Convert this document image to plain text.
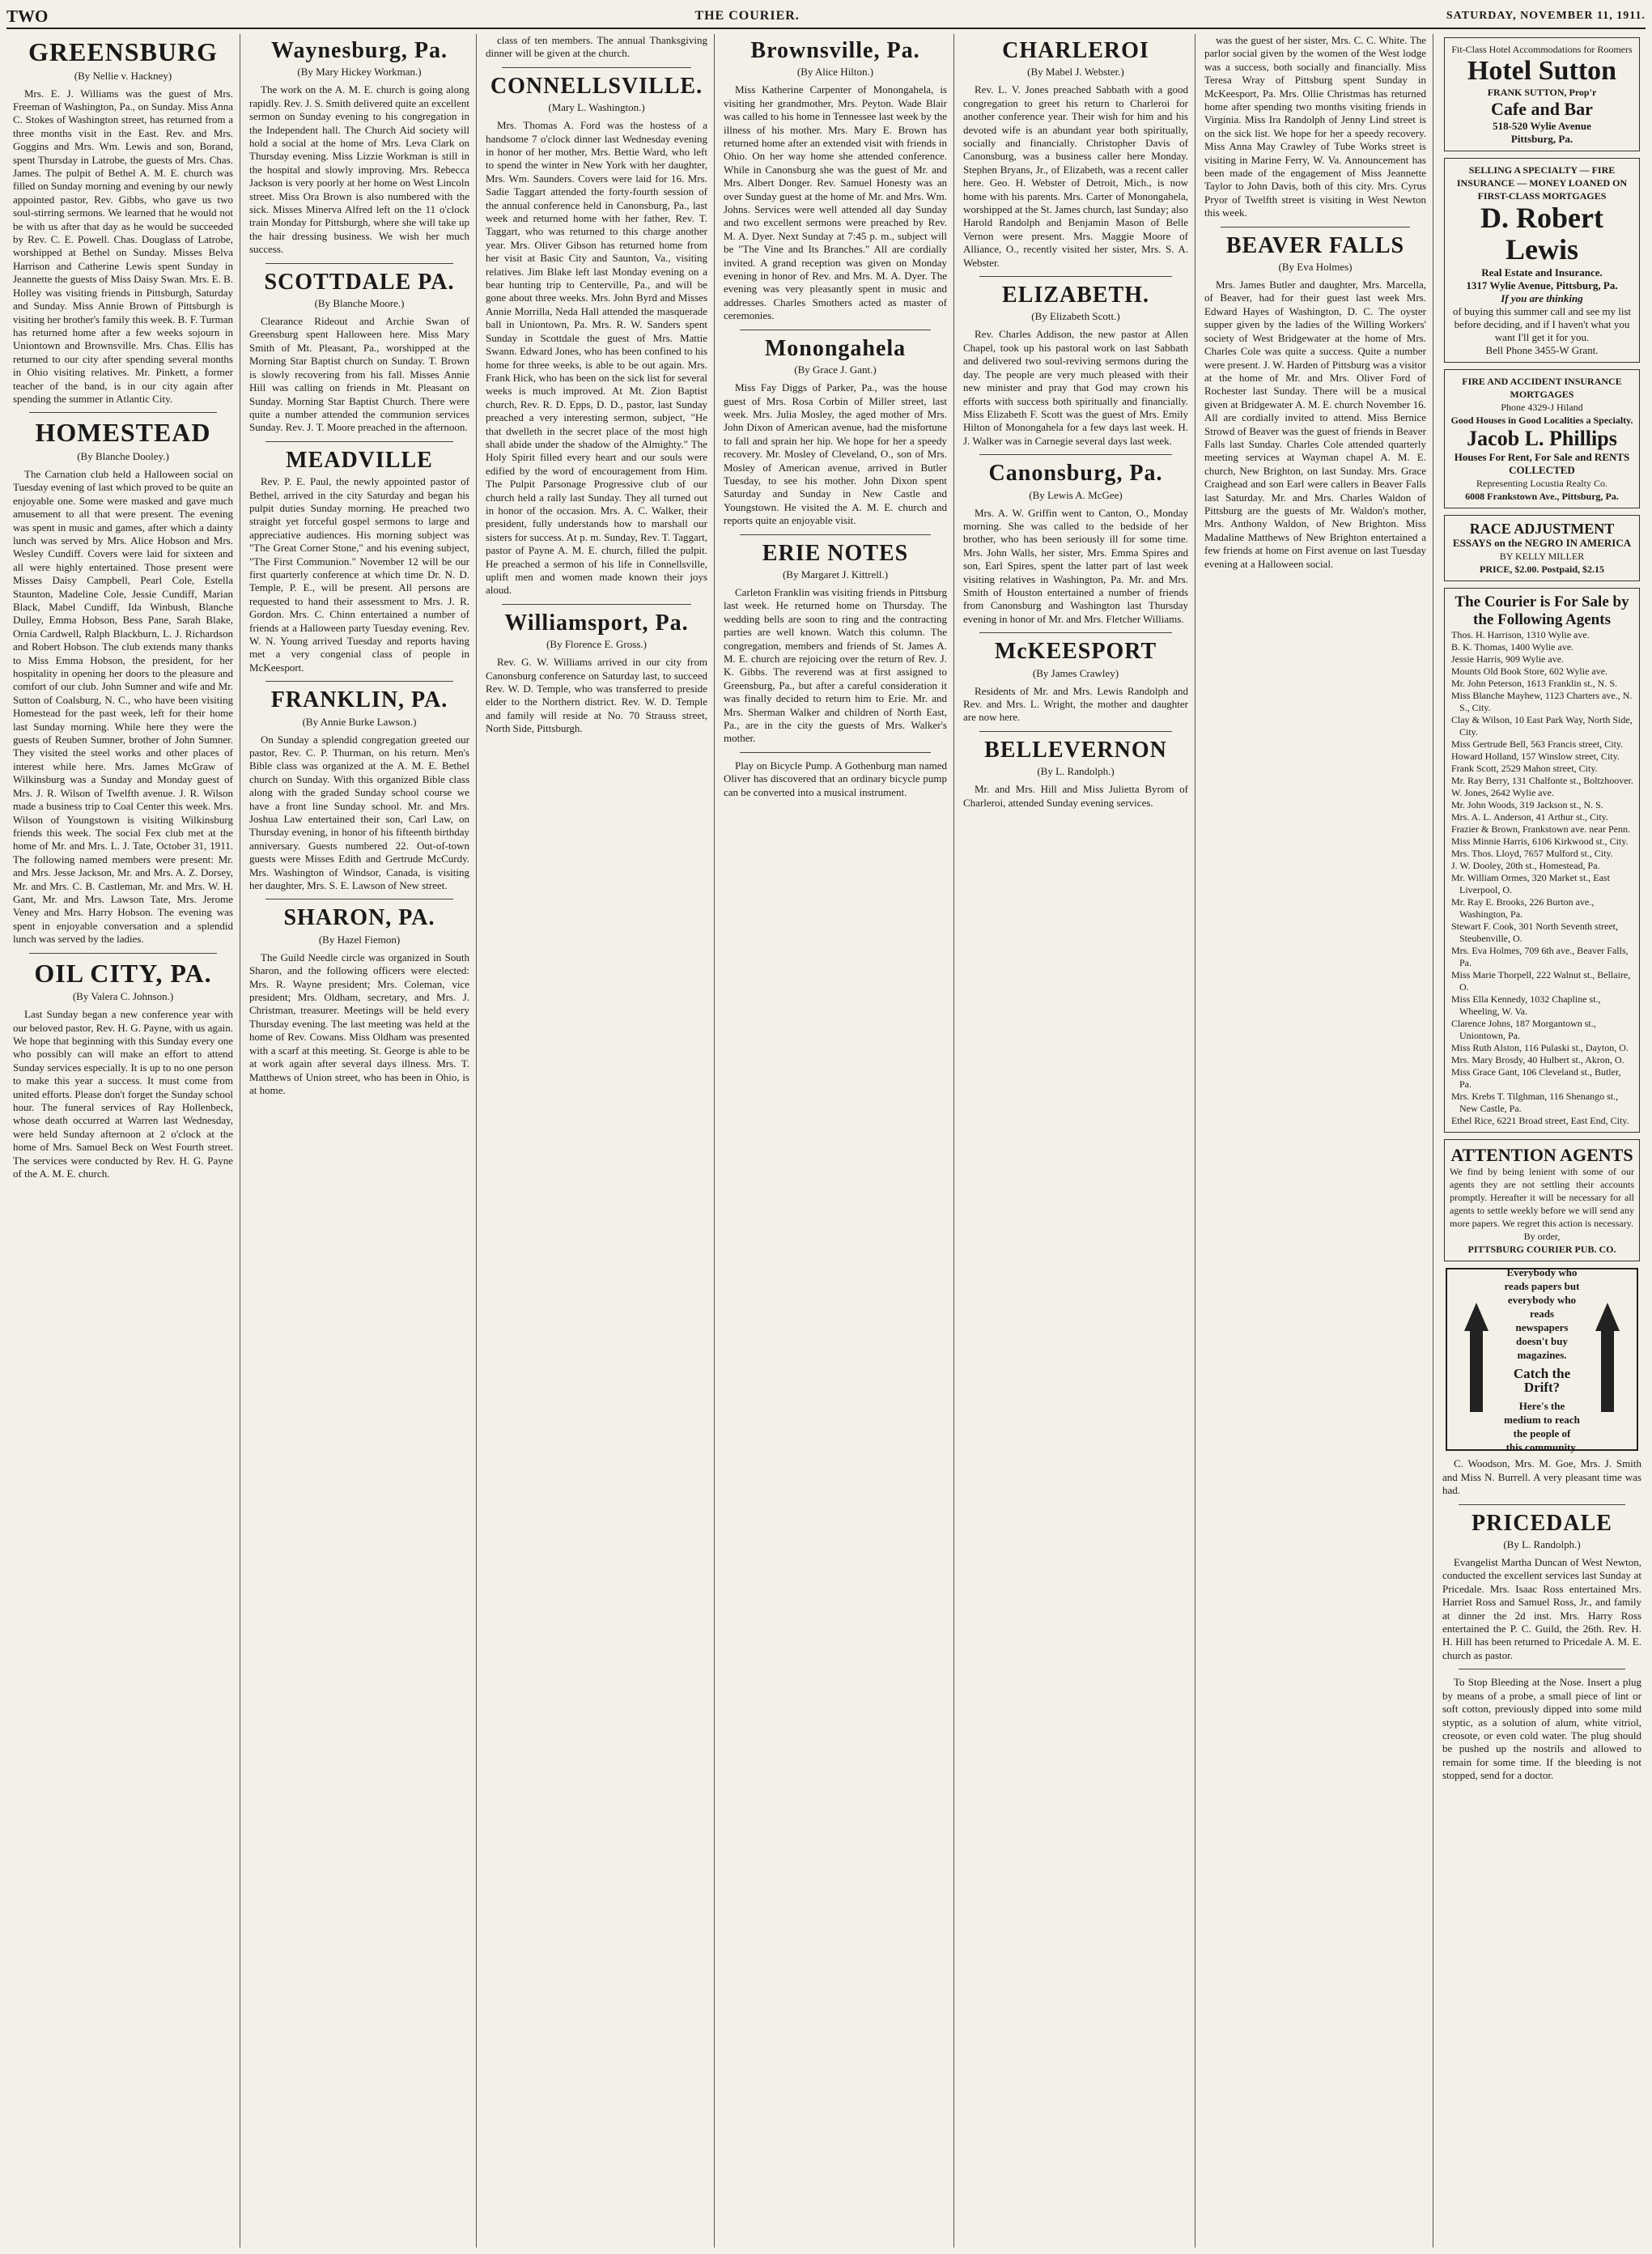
TWO	THE COURIER.	SATURDAY, NOVEMBER 11, 1911.
GREENSBURG
(By Nellie v. Hackney)

Mrs. E. J. Williams was the guest of Mrs. Freeman of Washington, Pa., on Sunday. Miss Anna C. Stokes of Washington street, has returned from a three months visit in the East. Rev. and Mrs. Goggins and Mrs. Wm. Lewis and son, Borand, spent Thursday in Latrobe, the guests of Mrs. Chas. James. The pulpit of Bethel A. M. E. church was filled on Sunday morning and evening by our newly appointed pastor, Rev. Gibbs, who gave us two soul-stirring sermons. We learned that he would not be with us after that day as he would be succeeded by Rev. C. E. Powell. Chas. Douglass of Latrobe, worshipped at Bethel on Sunday. Misses Belva Harrison and Catherine Lewis spent Sunday in Jeannette the guests of Miss Daisy Swan. Mrs. E. B. Holley was visiting friends in Pittsburgh, Saturday and Sunday. Miss Annie Brown of Pittsburgh is visiting her brother's family this week. B. F. Turman has returned home after a few weeks sojourn in Uniontown and Brownsville. Mrs. Chas. Ellis has returned to our city after spending several months in Ohio visiting relatives. Mr. Pinkett, a former teacher of the band, is in our city again after spending the summer in Atlantic City.

HOMESTEAD
(By Blanche Dooley.)

The Carnation club held a Halloween social on Tuesday evening of last which proved to be quite an enjoyable one. Some were masked and gave much amusement to all that were present. The evening was spent in music and games, after which a dainty lunch was served by Mrs. Alice Hobson and Mrs. Wesley Cundiff. Covers were laid for sixteen and all were highly entertained. Those present were Misses Daisy Campbell, Pearl Cole, Estella Staunton, Madeline Cole, Jessie Cundiff, Marian Black, Mabel Cundiff, Ida Winbush, Blanche Dulley, Emma Hobson, Bess Pane, Sarah Blake, Ornia Cardwell, Ralph Blackburn, L. J. Richardson and Robert Hobson. The club extends many thanks to Miss Emma Hobson, the president, for her hospitality in opening her doors to the pleasure and comfort of our club. John Sumner and wife and Mr. Sutton of Coalsburg, N. C., who have been visiting Homestead for the past week, left for their home last Sunday morning. While here they were the guests of Reuben Sumner, brother of John Sumner. They visited the steel works and other places of interest while here. Mrs. James McGraw of Wilkinsburg was a Sunday and Monday guest of Mrs. J. R. Wilson of Twelfth avenue. J. R. Wilson made a business trip to Coal Center this week. Mrs. Wilson of Youngstown is visiting Wilkinsburg friends this week. The social Fex club met at the home of Mr. and Mrs. L. J. Tate, October 31, 1911. The following named members were present: Mr. and Mrs. Jesse Jackson, Mr. and Mrs. A. Z. Dorsey, Mr. and Mrs. C. B. Castleman, Mr. and Mrs. W. H. Gant, Mr. and Mrs. Lawson Tate, Mrs. Jerome Veney and Mrs. Harry Hobson. The evening was spent in enjoyable conversation and a splendid lunch was served by the ladies.

OIL CITY, PA.
(By Valera C. Johnson.)

Last Sunday began a new conference year with our beloved pastor, Rev. H. G. Payne, with us again. We hope that beginning with this Sunday every one who possibly can will make an effort to attend Sunday services especially. It is up to no one person to make this year a success. It must come from united efforts. Please don't forget the Sunday school hour. The funeral services of Ray Hollenbeck, whose death occurred at Warren last Wednesday, were held Sunday afternoon at 2 o'clock at the home of Mrs. Samuel Beck on West Fourth street. The services were conducted by Rev. H. G. Payne of the A. M. E. church.

Waynesburg, Pa.
(By Mary Hickey Workman.)

The work on the A. M. E. church is going along rapidly. Rev. J. S. Smith delivered quite an excellent sermon on Sunday evening to his congregation in the Independent hall. The Church Aid society will hold a social at the home of Mrs. Leva Clark on Thursday evening. Miss Lizzie Workman is still in the hospital and slowly improving. Mrs. Rebecca Jackson is very poorly at her home on West Lincoln street. Miss Ora Brown is also numbered with the sick. Misses Minerva Alfred left on the 11 o'clock train Monday for Pittsburgh, where she will take up the hair dressing business. We wish her much success.

SCOTTDALE PA.
(By Blanche Moore.)

Clearance Rideout and Archie Swan of Greensburg spent Halloween here. Miss Mary Smith of Mt. Pleasant, Pa., worshipped at the Morning Star Baptist church on Sunday. T. Brown is slowly recovering from his fall. Misses Annie Hill was calling on friends in Mt. Pleasant on Sunday. Morning Star Baptist Church. There were quite a number attended the communion services Sunday. Rev. J. T. Moore preached in the afternoon.

MEADVILLE

Rev. P. E. Paul, the newly appointed pastor of Bethel, arrived in the city Saturday and began his pulpit duties Sunday morning. He preached two straight yet forceful gospel sermons to large and appreciative audiences. His morning subject was "The Great Corner Stone," and his evening subject, "The First Communion." November 12 will be our first quarterly conference at which time Dr. N. D. Temple, P. E., will be present. All persons are requested to hand their assessment to Mrs. J. R. Gordon. Mrs. C. Chinn entertained a number of friends at a Halloween party Tuesday evening. Rev. W. N. Young arrived Tuesday and reports having met a very congenial class of people in McKeesport.

FRANKLIN, PA.
(By Annie Burke Lawson.)

On Sunday a splendid congregation greeted our pastor, Rev. C. P. Thurman, on his return. Men's Bible class was organized at the A. M. E. Bethel church on Sunday. With this organized Bible class along with the graded Sunday school course we have a front line Sunday school. Mr. and Mrs. Joshua Law entertained their son, Carl Law, on Thursday evening, in honor of his fifteenth birthday anniversary. Guests numbered 22. Out-of-town guests were Misses Edith and Gertrude McCurdy. Mrs. Washington of Windsor, Canada, is visiting her daughter, Mrs. S. E. Lawson of New street.

SHARON, PA.
(By Hazel Fiemon)

The Guild Needle circle was organized in South Sharon, and the following officers were elected: Mrs. R. Wayne president; Mrs. Coleman, vice president; Mrs. Oldham, secretary, and Mrs. J. Christman, treasurer. Meetings will be held every Thursday evening. The last meeting was held at the home of Rev. Cowans. Miss Oldham was presented with a scarf at this meeting. St. George is able to be at work again after several days illness. Mrs. T. Matthews of Union street, who has been in Ohio, is at home.

class of ten members. The annual Thanksgiving dinner will be given at the church.

CONNELLSVILLE.
(Mary L. Washington.)

Mrs. Thomas A. Ford was the hostess of a handsome 7 o'clock dinner last Wednesday evening in honor of her mother, Mrs. Bettie Ward, who left to spend the winter in New York with her daughter, Mrs. Wm. Saunders. Covers were laid for 16. Mrs. Sadie Taggart attended the forty-fourth session of the annual conference held in Canonsburg, Pa., last week and returned home with her father, Rev. T. Taggart, who was returned to this charge another year. Mrs. Oliver Gibson has returned home from her visit at Basic City and Saunton, Va., visiting relatives. Jim Blake left last Monday evening on a bear hunting trip to Centerville, Pa., and will be gone about three weeks. Mrs. John Byrd and Misses Annie Morrilla, Neda Hall attended the masquerade ball in Uniontown, Pa. Mrs. R. W. Sanders spent Sunday in Scottdale the guest of Mrs. Mattie Swann. Edward Jones, who has been confined to his home for three weeks, is able to be out again. Mrs. Frank Hick, who has been on the sick list for several weeks is much improved. At Mt. Zion Baptist church, Rev. R. D. Epps, D. D., pastor, last Sunday preached a very interesting sermon, subject, "He that dwelleth in the secret place of the most high shall abide under the shadow of the Almighty." The Holy Spirit filled every heart and our souls were edified by the word of encouragement from Him. The Pulpit Parsonage Progressive club of our church held a rally last Sunday. They all turned out in honor of the occasion. Mrs. A. C. Walker, their president, fully understands how to marshall our sisters for success. At p. m. Sunday, Rev. T. Taggart, pastor of Payne A. M. E. church, filled the pulpit. He preached a sermon of his life in Connellsville, uplift men and women made known their joys aloud.

Williamsport, Pa.
(By Florence E. Gross.)

Rev. G. W. Williams arrived in our city from Canonsburg conference on Saturday last, to succeed Rev. W. D. Temple, who was transferred to preside elder to the Northern district. Rev. W. D. Temple and family will reside at No. 70 Strauss street, North Side, Pittsburgh.

Brownsville, Pa.
(By Alice Hilton.)

Miss Katherine Carpenter of Monongahela, is visiting her grandmother, Mrs. Peyton. Wade Blair was called to his home in Tennessee last week by the illness of his mother. Mrs. Mary E. Brown has returned home after an extended visit with friends in Ohio. On her way home she attended conference. While in Canonsburg she was the guest of Mr. and Mrs. Albert Donger. Rev. Samuel Honesty was an over Sunday guest at the home of Mr. and Mrs. Wm. Johns. Services were well attended all day Sunday and two excellent sermons were preached by Rev. M. A. Dyer. Next Sunday at 7:45 p. m., subject will be "The Vine and Its Branches." All are cordially invited. A grand reception was given on Monday evening in honor of Rev. and Mrs. M. A. Dyer. The evening was very pleasantly spent in music and addresses. Charles Smothers acted as master of ceremonies.

Monongahela
(By Grace J. Gant.)

Miss Fay Diggs of Parker, Pa., was the house guest of Mrs. Rosa Corbin of Miller street, last week. Mrs. Julia Mosley, the aged mother of Mrs. John Dixon of American avenue, had the misfortune to fall and sprain her hip. We hope for her a speedy recovery. Mr. Mosley of Cleveland, O., son of Mrs. Mosley of American avenue, arrived in Butler Tuesday, to see his mother. John Dixon spent Saturday and Sunday in New Castle and Youngstown. He visited the A. M. E. church and reports quite an enjoyable visit.

ERIE NOTES
(By Margaret J. Kittrell.)

Carleton Franklin was visiting friends in Pittsburg last week. He returned home on Thursday. The wedding bells are soon to ring and the contracting parties are well known. Watch this column. The congregation, members and friends of St. James A. M. E. church are rejoicing over the return of Rev. J. K. Gibbs. The reverend was at first assigned to Greensburg, Pa., but after a careful consideration it was finally decided to return him to Erie. Mr. and Mrs. Sherman Walker and children of North East, Pa., are in the city the guests of Mrs. Walker's mother.

Play on Bicycle Pump. A Gothenburg man named Oliver has discovered that an ordinary bicycle pump can be converted into a musical instrument.

CHARLEROI
(By Mabel J. Webster.)

Rev. L. V. Jones preached Sabbath with a good congregation to greet his return to Charleroi for another conference year. Their wish for him and his devoted wife is an abundant year both spiritually, socially and financially. Christopher Davis of Canonsburg, was a business caller here Monday. Stephen Bryans, Jr., of Elizabeth, was a recent caller here. Geo. H. Webster of Detroit, Mich., is now home with his parents. Mrs. Carter of Monongahela, worshipped at the St. James church, last Sunday; also Harold Randolph and Benjamin Mason of Belle Vernon were present. Mrs. Maggie Moore of Alliance, O., recently visited her sister, Mrs. S. A. Webster.

ELIZABETH.
(By Elizabeth Scott.)

Rev. Charles Addison, the new pastor at Allen Chapel, took up his pastoral work on last Sabbath and delivered two soul-reviving sermons during the day. The people are very much pleased with their new minister and pray that God may crown his efforts with success both spiritually and financially. Miss Elizabeth F. Scott was the guest of Mrs. Emily Hilton of Monongahela for a few days last week. H. J. Walker was in Carnegie several days last week.

Canonsburg, Pa.
(By Lewis A. McGee)

Mrs. A. W. Griffin went to Canton, O., Monday morning. She was called to the bedside of her brother, who has been seriously ill for some time. Mrs. John Walls, her sister, Mrs. Emma Spires and son, Earl Spires, spent the latter part of last week visiting relatives in Washington, Pa. Mr. and Mrs. Smith of Houston entertained a number of friends from Canonsburg and Washington last Thursday evening in honor of Mr. and Mrs. Fletcher Williams.

McKEESPORT
(By James Crawley)

Residents of Mr. and Mrs. Lewis Randolph and Rev. and Mrs. L. Wright, the mother and daughter are now here.

BELLEVERNON
(By L. Randolph.)

Mr. and Mrs. Hill and Miss Julietta Byrom of Charleroi, attended Sunday evening services.

was the guest of her sister, Mrs. C. C. White. The parlor social given by the women of the West lodge was a success, both socially and financially. Miss Teresa Wray of Pittsburg spent Sunday in McKeesport, Pa. Mrs. Ollie Christmas has returned home after spending two months visiting friends in Virginia. Miss Ira Randolph of Jenny Lind street is on the sick list. We hope for her a speedy recovery. Miss Anna May Crawley of Tube Works street is visiting in Marine Ferry, W. Va. Announcement has been made of the engagement of Miss Jeannette Taylor to John Davis, both of this city. Mrs. Cyrus Pryor of Twelfth street is visiting in West Newton this week.

BEAVER FALLS
(By Eva Holmes)

Mrs. James Butler and daughter, Mrs. Marcella, of Beaver, had for their guest last week Mrs. Edward Hayes of Washington, D. C. The oyster supper given by the ladies of the Willing Workers' society of West Bridgewater at the home of Mrs. Charles Cole was quite a success. Quite a number were present. J. W. Harden of Pittsburg was a visitor at the home of Mr. and Mrs. Oliver Ford of Rochester last Sunday. There will be a musical given at Bridgewater A. M. E. church November 16. All are cordially invited to attend. Miss Bernice Strowd of Beaver was the guest of friends in Beaver Falls last Sunday. Charles Cole attended quarterly meeting services at Wayman chapel A. M. E. church, New Brighton, on last Sunday. Mrs. Grace Craighead and son Earl were callers in Beaver Falls last Saturday. Mr. and Mrs. Charles Waldon of Pittsburg are the guests of Mr. Waldon's mother, Mrs. Anthony Waldon, of New Brighton. Miss Madaline Matthews of New Brighton entertained a few friends at home on First avenue on last Tuesday evening at a Halloween social.

Fit-Class Hotel Accommodations for Roomers
Hotel Sutton
FRANK SUTTON, Prop'r
Cafe and Bar
518-520 Wylie Avenue
Pittsburg, Pa.
SELLING A SPECIALTY — FIRE INSURANCE — MONEY LOANED ON FIRST-CLASS MORTGAGES
D. Robert Lewis
Real Estate and Insurance.
1317 Wylie Avenue, Pittsburg, Pa.
If you are thinking
of buying this summer call and see my list before deciding, and if I haven't what you want I'll get it for you.
Bell Phone 3455-W Grant.
FIRE AND ACCIDENT INSURANCE MORTGAGES
Phone 4329-J Hiland
Good Houses in Good Localities a Specialty.
Jacob L. Phillips
Houses For Rent, For Sale and RENTS COLLECTED
Representing Locustia Realty Co.
6008 Frankstown Ave., Pittsburg, Pa.
RACE ADJUSTMENT
ESSAYS on the NEGRO IN AMERICA
BY KELLY MILLER
PRICE, $2.00. Postpaid, $2.15
The Courier is For Sale by the Following Agents
Thos. H. Harrison, 1310 Wylie ave.
B. K. Thomas, 1400 Wylie ave.
Jessie Harris, 909 Wylie ave.
Mounts Old Book Store, 602 Wylie ave.
Mr. John Peterson, 1613 Franklin st., N. S.
Miss Blanche Mayhew, 1123 Charters ave., N. S., City.
Clay & Wilson, 10 East Park Way, North Side, City.
Miss Gertrude Bell, 563 Francis street, City.
Howard Holland, 157 Winslow street, City.
Frank Scott, 2529 Mahon street, City.
Mr. Ray Berry, 131 Chalfonte st., Boltzhoover.
W. Jones, 2642 Wylie ave.
Mr. John Woods, 319 Jackson st., N. S.
Mrs. A. L. Anderson, 41 Arthur st., City.
Frazier & Brown, Frankstown ave. near Penn.
Miss Minnie Harris, 6106 Kirkwood st., City.
Mrs. Thos. Lloyd, 7657 Mulford st., City.
J. W. Dooley, 20th st., Homestead, Pa.
Mr. William Ormes, 320 Market st., East Liverpool, O.
Mr. Ray E. Brooks, 226 Burton ave., Washington, Pa.
Stewart F. Cook, 301 North Seventh street, Steubenville, O.
Mrs. Eva Holmes, 709 6th ave., Beaver Falls, Pa.
Miss Marie Thorpell, 222 Walnut st., Bellaire, O.
Miss Ella Kennedy, 1032 Chapline st., Wheeling, W. Va.
Clarence Johns, 187 Morgantown st., Uniontown, Pa.
Miss Ruth Alston, 116 Pulaski st., Dayton, O.
Mrs. Mary Brosdy, 40 Hulbert st., Akron, O.
Miss Grace Gant, 106 Cleveland st., Butler, Pa.
Mrs. Krebs T. Tilghman, 116 Shenango st., New Castle, Pa.
Ethel Rice, 6221 Broad street, East End, City.
ATTENTION AGENTS
We find by being lenient with some of our agents they are not settling their accounts promptly. Hereafter it will be necessary for all agents to settle weekly before we will send any more papers. We regret this action is necessary.
By order,
PITTSBURG COURIER PUB. CO.
Everybody who reads papers but everybody who reads newspapers doesn't buy magazines.
Catch the Drift?
Here's the medium to reach the people of this community.

C. Woodson, Mrs. M. Goe, Mrs. J. Smith and Miss N. Burrell. A very pleasant time was had.

PRICEDALE
(By L. Randolph.)

Evangelist Martha Duncan of West Newton, conducted the excellent services last Sunday at Pricedale. Mrs. Isaac Ross entertained Mrs. Harriet Ross and Samuel Ross, Jr., and family at dinner the 2d inst. Mrs. Harry Ross entertained the P. C. Guild, the 26th. Rev. H. H. Hill has been returned to Pricedale A. M. E. church as pastor.

To Stop Bleeding at the Nose. Insert a plug by means of a probe, a small piece of lint or soft cotton, previously dipped into some mild styptic, as a solution of alum, white vitriol, creosote, or even cold water. The plug should be pushed up the nostrils and allowed to remain for some time. If the bleeding is not stopped, send for a doctor.
